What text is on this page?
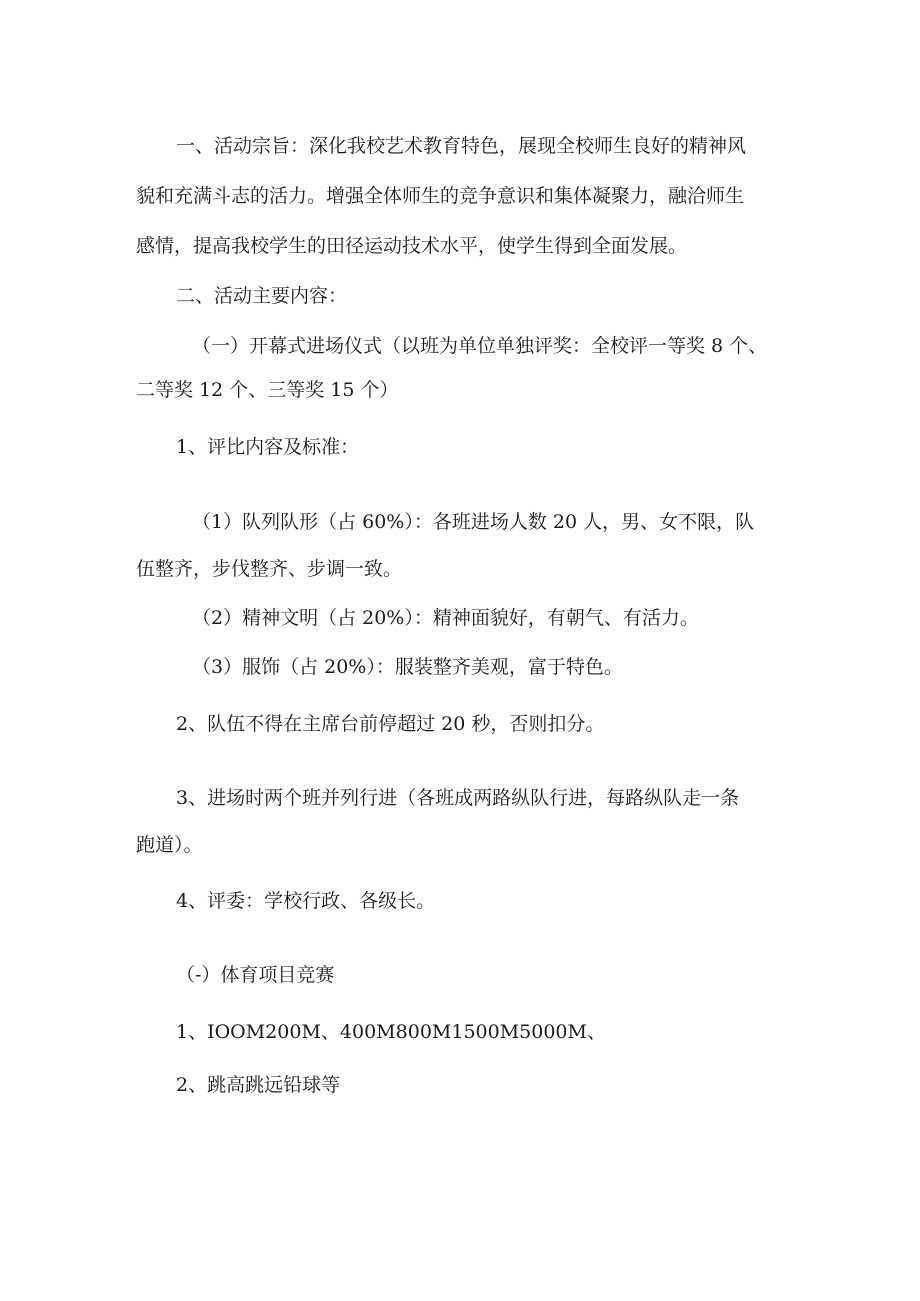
一、活动宗旨：深化我校艺术教育特色，展现全校师生良好的精神风
貌和充满斗志的活力。增强全体师生的竞争意识和集体凝聚力，融洽师生
感情，提高我校学生的田径运动技术水平，使学生得到全面发展。
二、活动主要内容：
（一）开幕式进场仪式（以班为单位单独评奖：全校评一等奖 8 个、
二等奖 12 个、三等奖 15 个）
1、评比内容及标准：
（1）队列队形（占 60%）：各班进场人数 20 人，男、女不限，队
伍整齐，步伐整齐、步调一致。
（2）精神文明（占 20%）：精神面貌好，有朝气、有活力。
（3）服饰（占 20%）：服装整齐美观，富于特色。
2、队伍不得在主席台前停超过 20 秒，否则扣分。
3、进场时两个班并列行进（各班成两路纵队行进，每路纵队走一条
跑道）。
4、评委：学校行政、各级长。
（-）体育项目竞赛
1、IOOM200M、400M800M1500M5000M、
2、跳高跳远铅球等
